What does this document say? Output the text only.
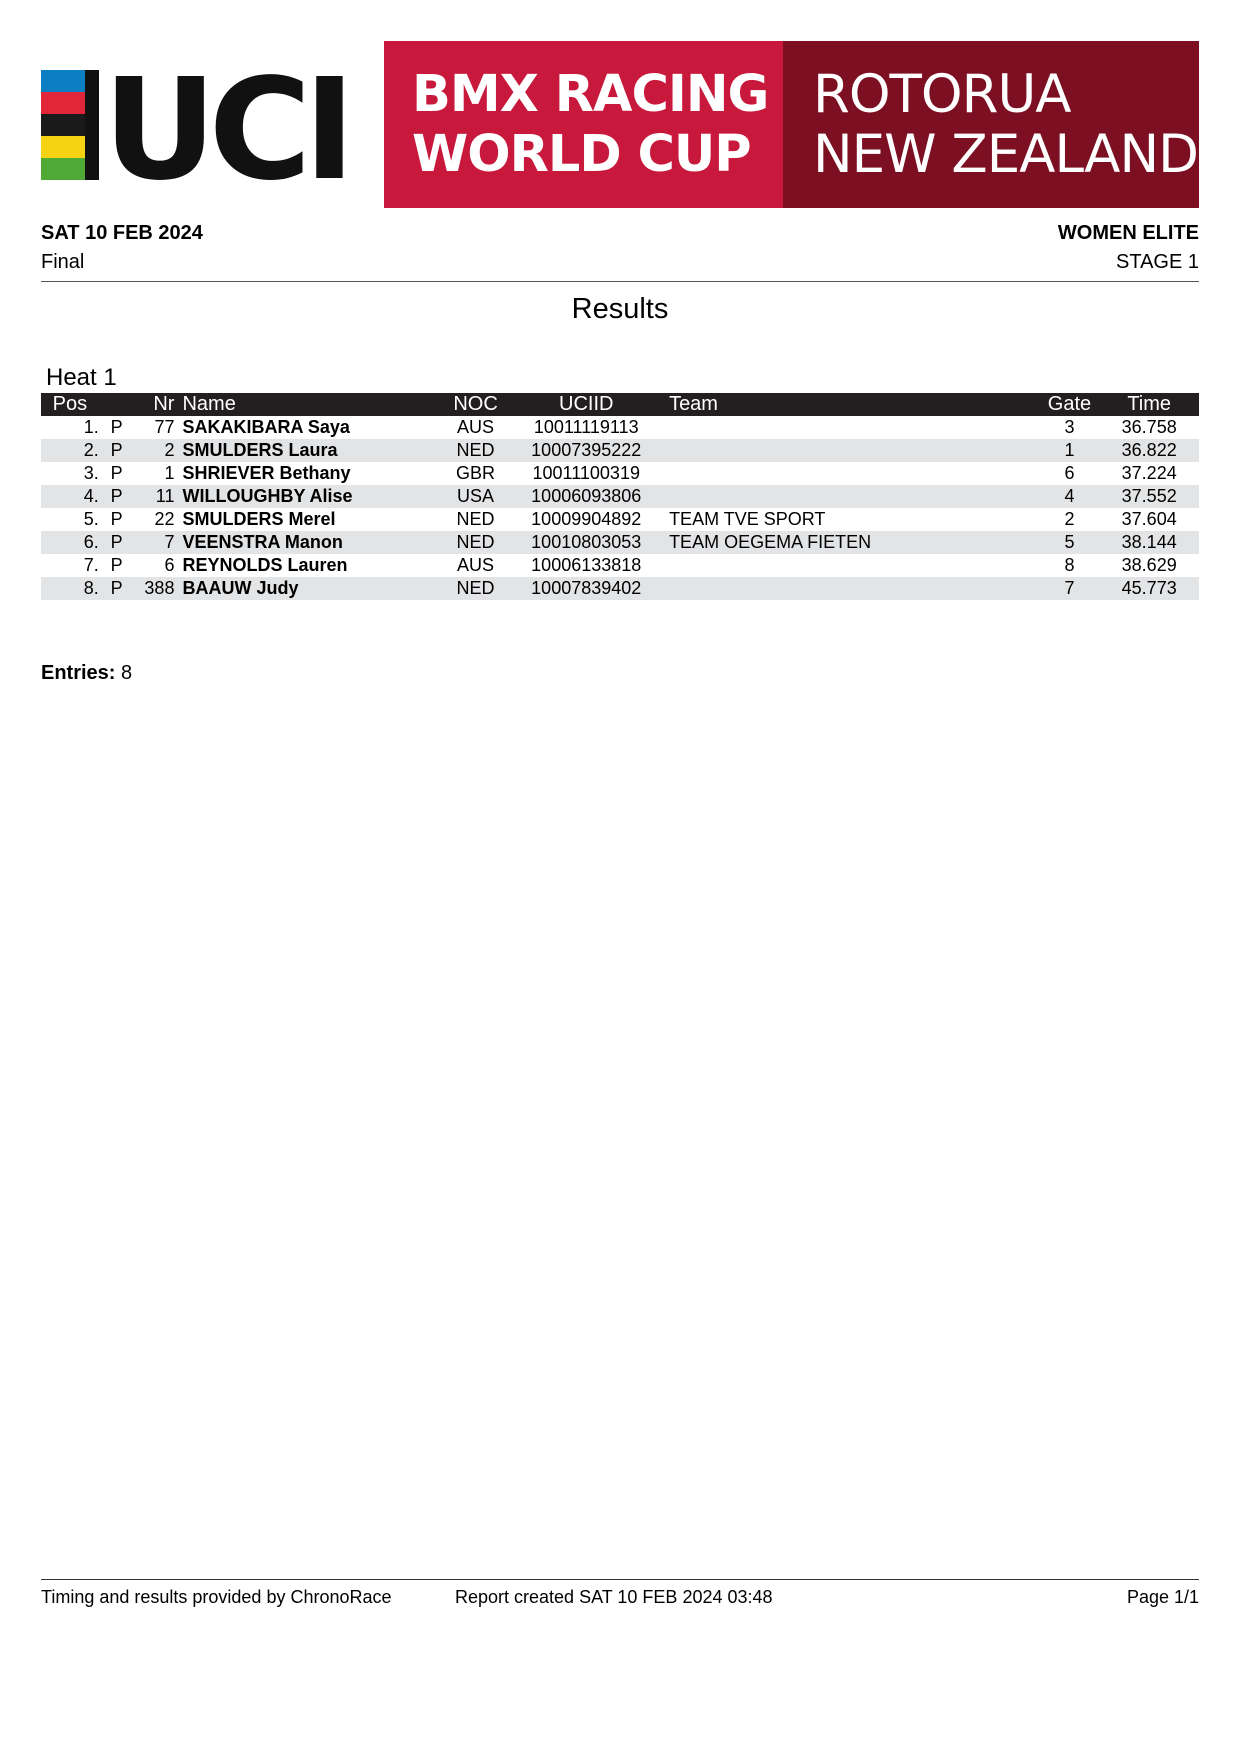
UCI BMX RACING
WORLD CUP
ROTORUA
NEW ZEALAND
SAT 10 FEB 2024
Final
WOMEN ELITE
STAGE 1
Results
Heat 1
Pos		Nr	Name	NOC	UCIID	Team	Gate	Time
1.	P	77	SAKAKIBARA Saya	AUS	10011119113		3	36.758
2.	P	2	SMULDERS Laura	NED	10007395222		1	36.822
3.	P	1	SHRIEVER Bethany	GBR	10011100319		6	37.224
4.	P	11	WILLOUGHBY Alise	USA	10006093806		4	37.552
5.	P	22	SMULDERS Merel	NED	10009904892	TEAM TVE SPORT	2	37.604
6.	P	7	VEENSTRA Manon	NED	10010803053	TEAM OEGEMA FIETEN	5	38.144
7.	P	6	REYNOLDS Lauren	AUS	10006133818		8	38.629
8.	P	388	BAAUW Judy	NED	10007839402		7	45.773
Entries: 8
Timing and results provided by ChronoRace	Report created SAT 10 FEB 2024 03:48	Page 1/1
